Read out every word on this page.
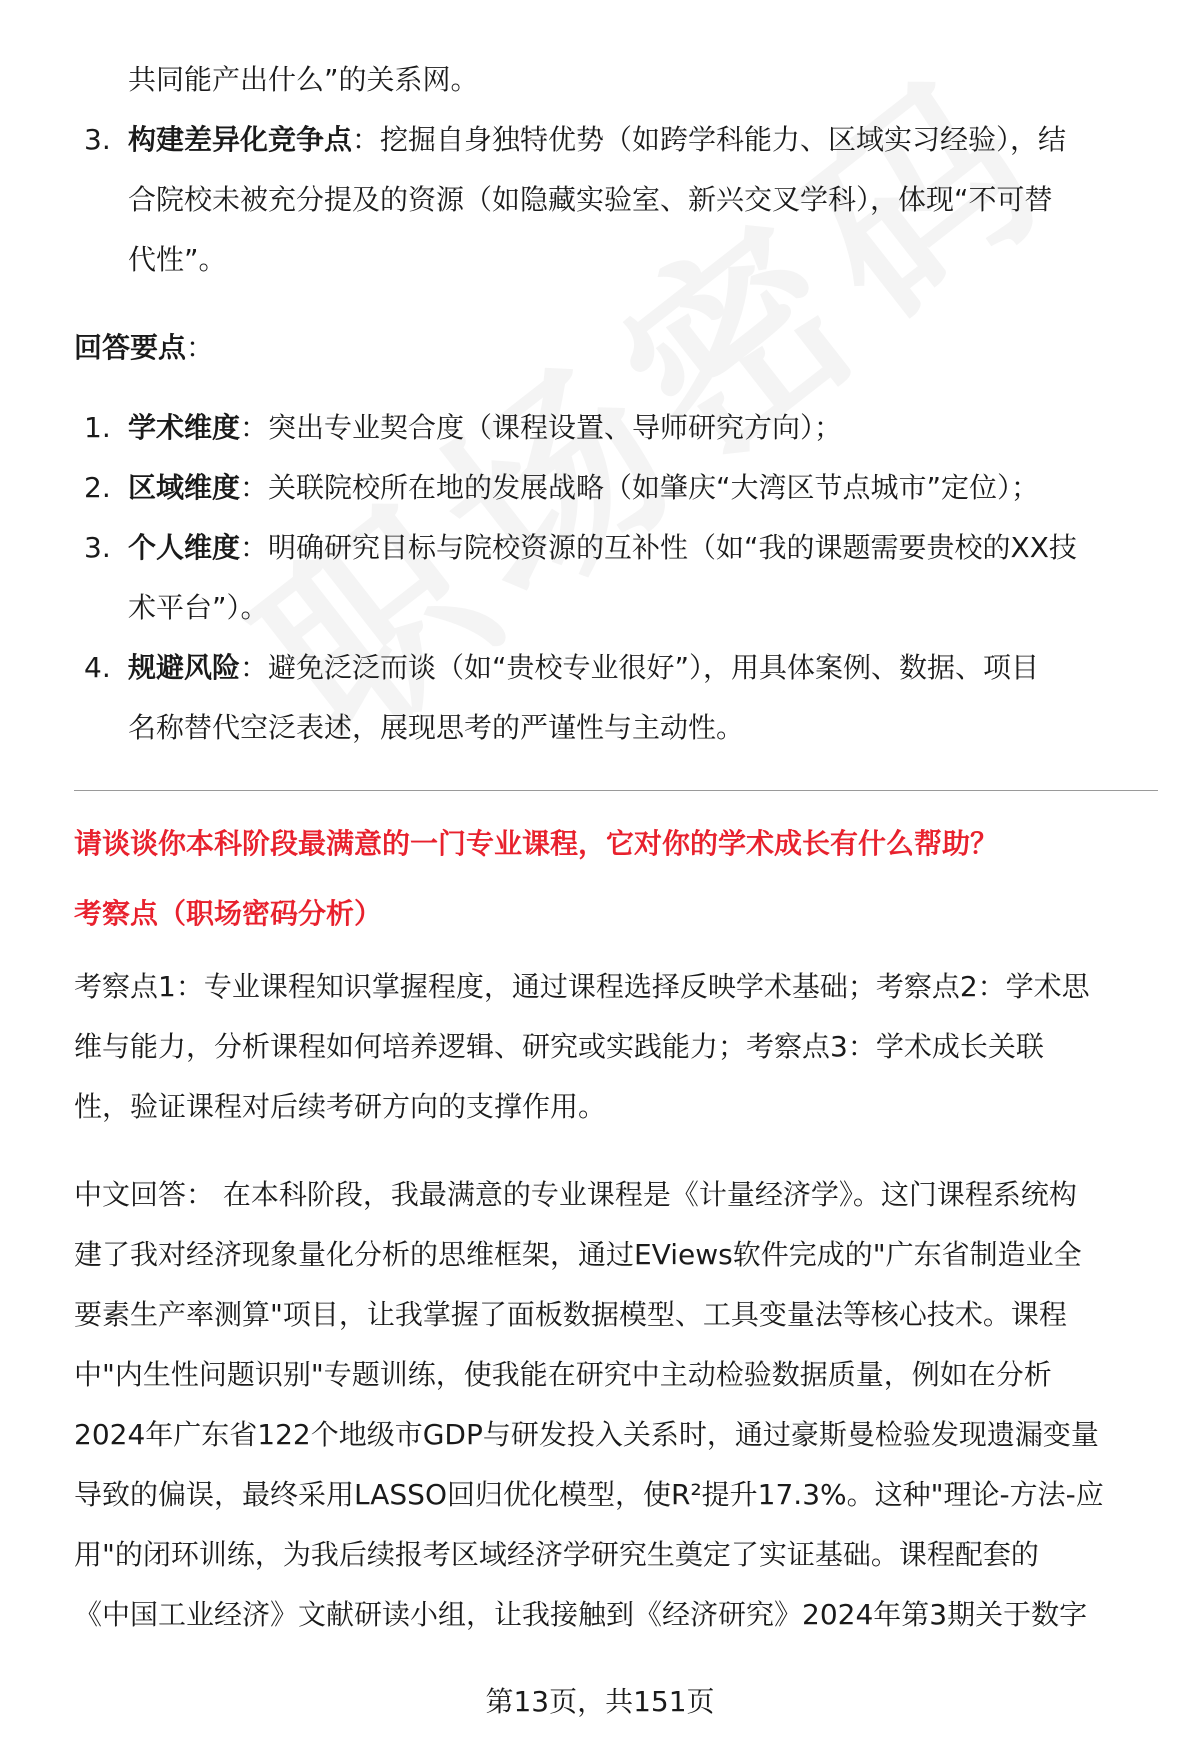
共同能产出什么”的关系网。
3. 构建差异化竞争点：挖掘自身独特优势（如跨学科能力、区域实习经验），结
合院校未被充分提及的资源（如隐藏实验室、新兴交叉学科），体现“不可替
代性”。
回答要点：
1. 学术维度：突出专业契合度（课程设置、导师研究方向）；
2. 区域维度：关联院校所在地的发展战略（如肇庆“大湾区节点城市”定位）；
3. 个人维度：明确研究目标与院校资源的互补性（如“我的课题需要贵校的XX技
术平台”）。
4. 规避风险：避免泛泛而谈（如“贵校专业很好”），用具体案例、数据、项目
名称替代空泛表述，展现思考的严谨性与主动性。
请谈谈你本科阶段最满意的一门专业课程，它对你的学术成长有什么帮助？
考察点（职场密码分析）
考察点1：专业课程知识掌握程度，通过课程选择反映学术基础；考察点2：学术思
维与能力，分析课程如何培养逻辑、研究或实践能力；考察点3：学术成长关联
性，验证课程对后续考研方向的支撑作用。
中文回答： 在本科阶段，我最满意的专业课程是《计量经济学》。这门课程系统构
建了我对经济现象量化分析的思维框架，通过EViews软件完成的"广东省制造业全
要素生产率测算"项目，让我掌握了面板数据模型、工具变量法等核心技术。课程
中"内生性问题识别"专题训练，使我能在研究中主动检验数据质量，例如在分析
2024年广东省122个地级市GDP与研发投入关系时，通过豪斯曼检验发现遗漏变量
导致的偏误，最终采用LASSO回归优化模型，使R²提升17.3%。这种"理论-方法-应
用"的闭环训练，为我后续报考区域经济学研究生奠定了实证基础。课程配套的
《中国工业经济》文献研读小组，让我接触到《经济研究》2024年第3期关于数字
第13页，共151页
